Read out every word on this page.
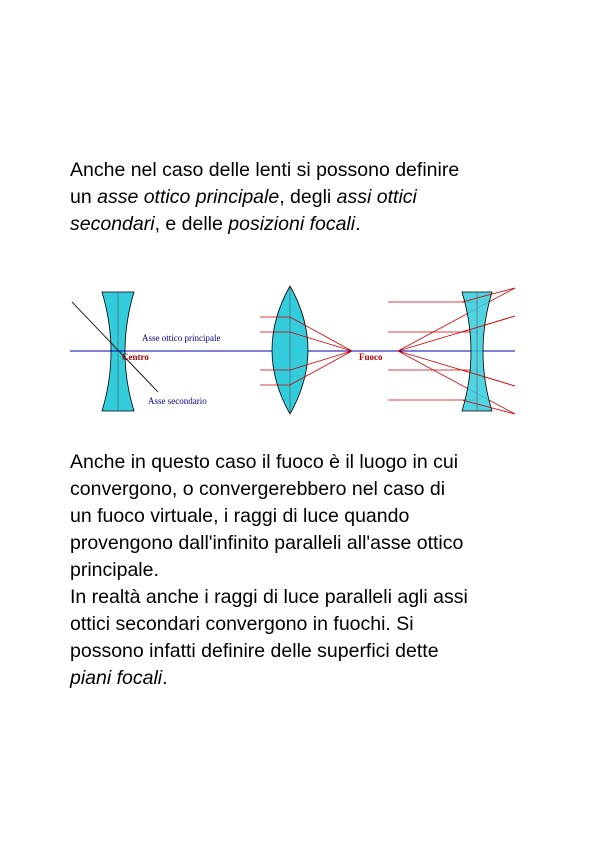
Anche nel caso delle lenti si possono definire
un asse ottico principale, degli assi ottici
secondari, e delle posizioni focali.
Asse ottico principale
Centro
Asse secondario
Fuoco
Anche in questo caso il fuoco è il luogo in cui
convergono, o convergerebbero nel caso di
un fuoco virtuale, i raggi di luce quando
provengono dall'infinito paralleli all'asse ottico
principale.
In realtà anche i raggi di luce paralleli agli assi
ottici secondari convergono in fuochi. Si
possono infatti definire delle superfici dette
piani focali.
